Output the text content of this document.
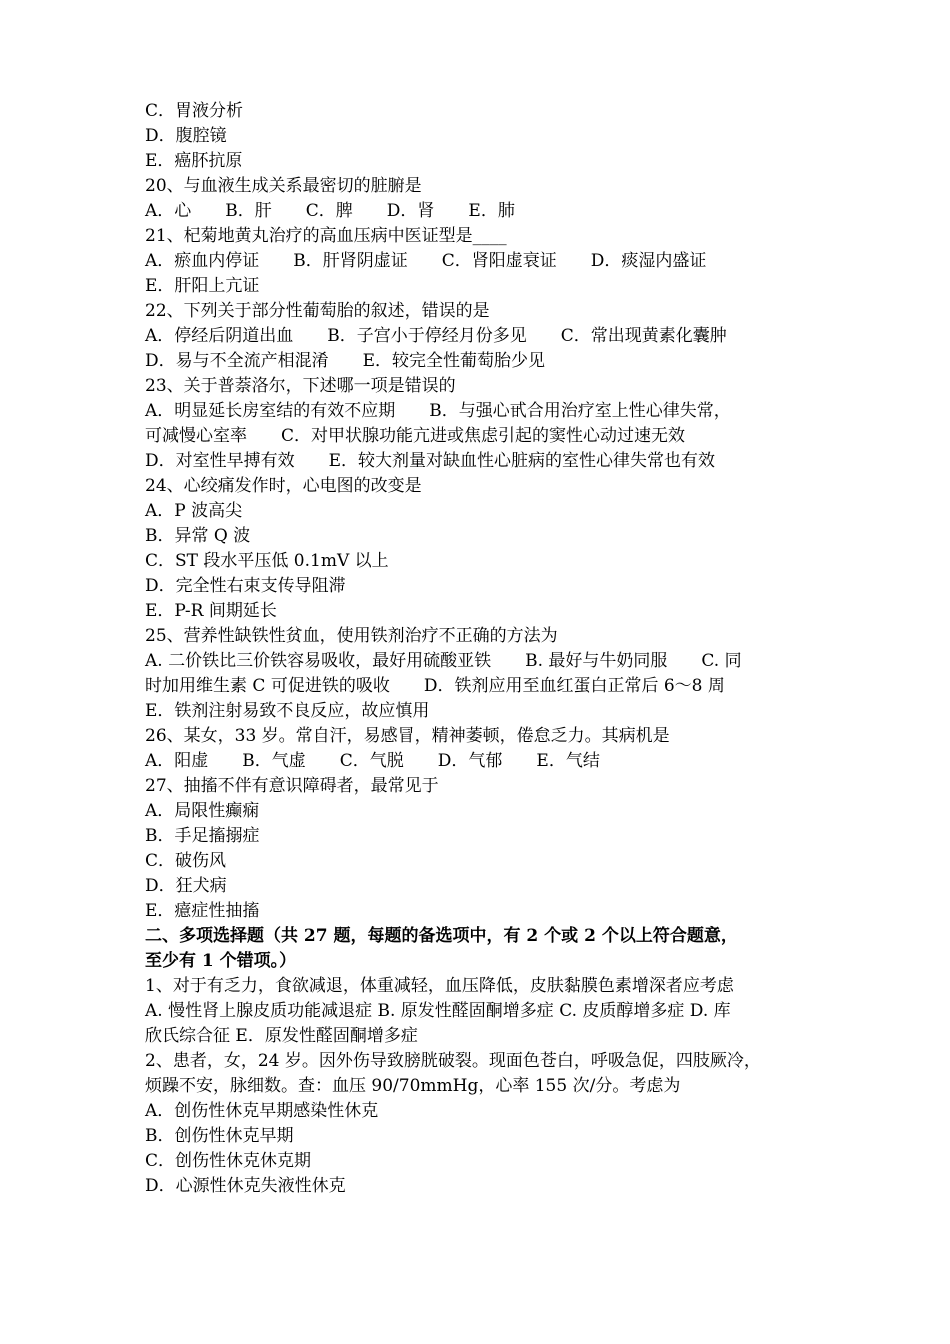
C．胃液分析
D．腹腔镜
E．癌肧抗原
20、与血液生成关系最密切的脏腑是
A．心　　B．肝　　C．脾　　D．肾　　E．肺
21、杞菊地黄丸治疗的高血压病中医证型是____
A．瘀血内停证　　B．肝肾阴虚证　　C．肾阳虚衰证　　D．痰湿内盛证
E．肝阳上亢证
22、下列关于部分性葡萄胎的叙述，错误的是
A．停经后阴道出血　　B．子宫小于停经月份多见　　C．常出现黄素化囊肿
D．易与不全流产相混淆　　E．较完全性葡萄胎少见
23、关于普萘洛尔，下述哪一项是错误的
A．明显延长房室结的有效不应期　　B．与强心甙合用治疗室上性心律失常，
可减慢心室率　　C．对甲状腺功能亢进或焦虑引起的窦性心动过速无效
D．对室性早搏有效　　E．较大剂量对缺血性心脏病的室性心律失常也有效
24、心绞痛发作时，心电图的改变是
A．P 波高尖
B．异常 Q 波
C．ST 段水平压低 0.1mV 以上
D．完全性右束支传导阻滞
E．P-R 间期延长
25、营养性缺铁性贫血，使用铁剂治疗不正确的方法为
A. 二价铁比三价铁容易吸收，最好用硫酸亚铁　　B. 最好与牛奶同服　　C. 同
时加用维生素 C 可促进铁的吸收　　D．铁剂应用至血红蛋白正常后 6～8 周
E．铁剂注射易致不良反应，故应慎用
26、某女，33 岁。常自汗，易感冒，精神萎顿，倦怠乏力。其病机是
A．阳虚　　B．气虚　　C．气脱　　D．气郁　　E．气结
27、抽搐不伴有意识障碍者，最常见于
A．局限性癫痫
B．手足搐搦症
C．破伤风
D．狂犬病
E．癔症性抽搐
二、多项选择题（共 27 题，每题的备选项中，有 2 个或 2 个以上符合题意，
至少有 1 个错项。）
1、对于有乏力，食欲减退，体重减轻，血压降低，皮肤黏膜色素增深者应考虑
A. 慢性肾上腺皮质功能减退症 B. 原发性醛固酮增多症 C. 皮质醇增多症 D. 库
欣氏综合征 E．原发性醛固酮增多症
2、患者，女，24 岁。因外伤导致膀胱破裂。现面色苍白，呼吸急促，四肢厥冷，
烦躁不安，脉细数。查：血压 90/70mmHg，心率 155 次/分。考虑为
A．创伤性休克早期感染性休克
B．创伤性休克早期
C．创伤性休克休克期
D．心源性休克失液性休克
